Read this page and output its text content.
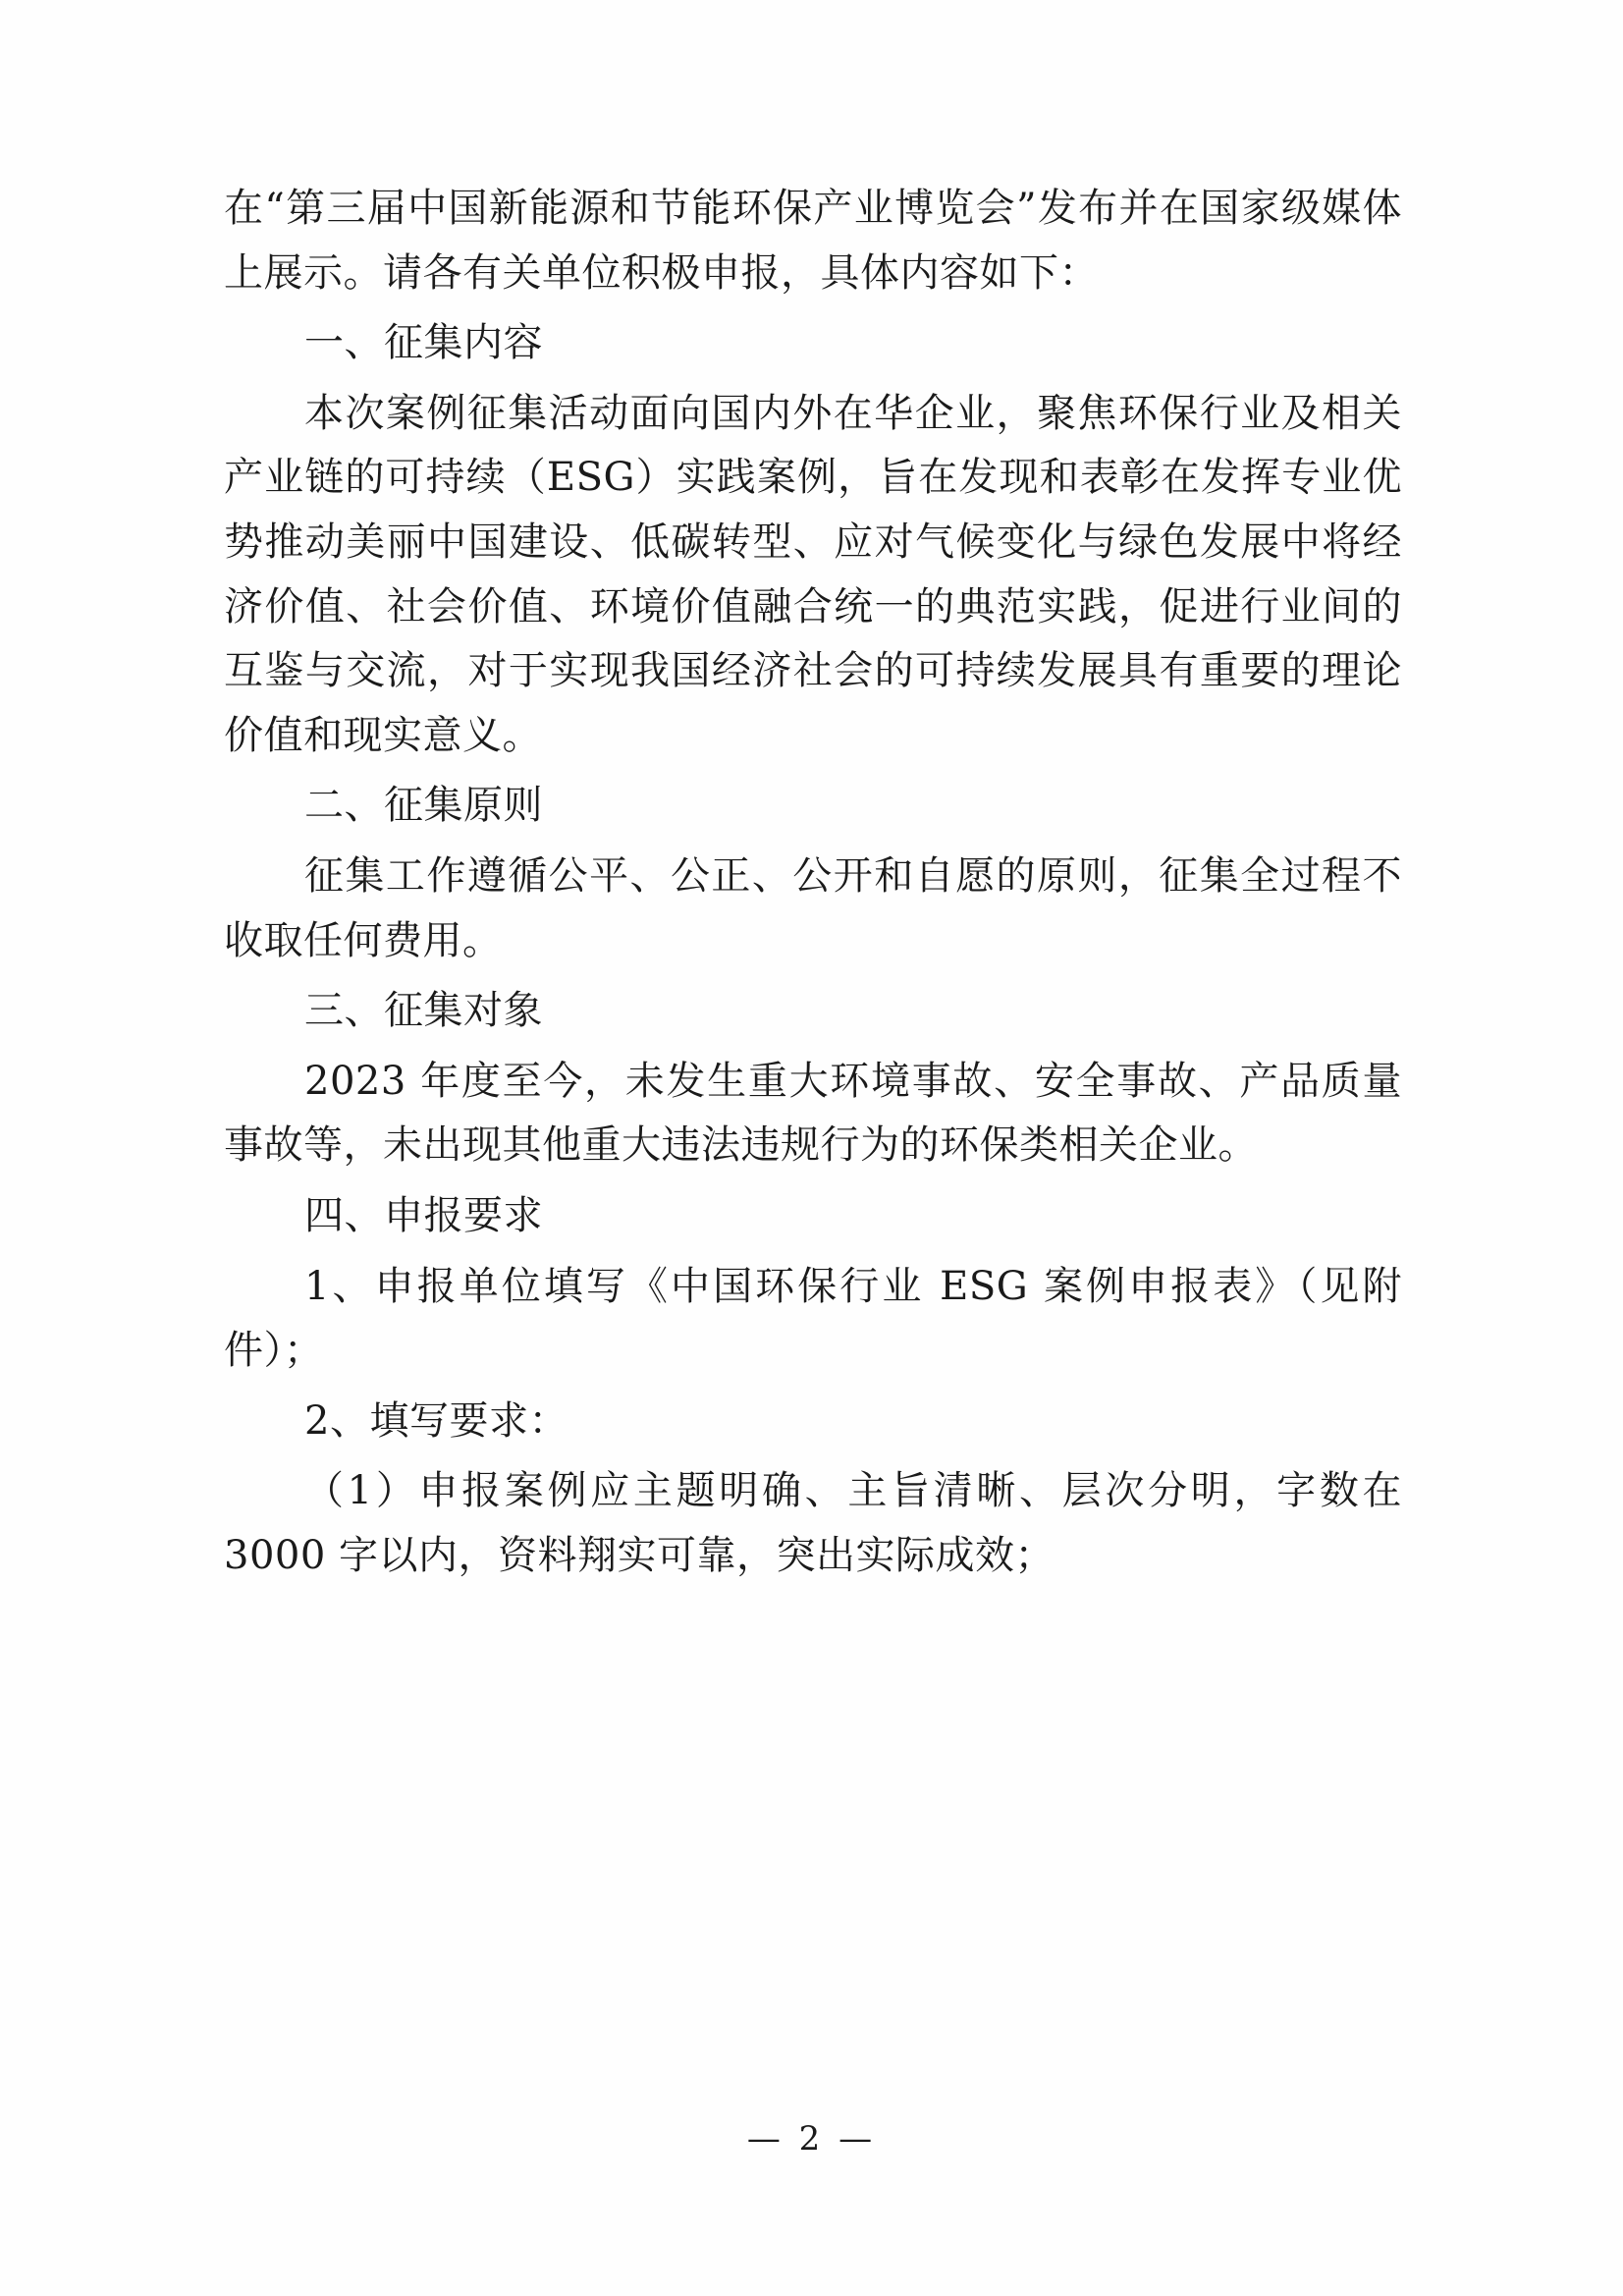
在“第三届中国新能源和节能环保产业博览会”发布并在国家级媒体上展示。请各有关单位积极申报，具体内容如下：

一、征集内容

本次案例征集活动面向国内外在华企业，聚焦环保行业及相关产业链的可持续（ESG）实践案例，旨在发现和表彰在发挥专业优势推动美丽中国建设、低碳转型、应对气候变化与绿色发展中将经济价值、社会价值、环境价值融合统一的典范实践，促进行业间的互鉴与交流，对于实现我国经济社会的可持续发展具有重要的理论价值和现实意义。

二、征集原则

征集工作遵循公平、公正、公开和自愿的原则，征集全过程不收取任何费用。

三、征集对象

2023 年度至今，未发生重大环境事故、安全事故、产品质量事故等，未出现其他重大违法违规行为的环保类相关企业。

四、申报要求

1、申报单位填写《中国环保行业 ESG 案例申报表》（见附件）；

2、填写要求：

（1）申报案例应主题明确、主旨清晰、层次分明，字数在 3000 字以内，资料翔实可靠，突出实际成效；

— 2 —
